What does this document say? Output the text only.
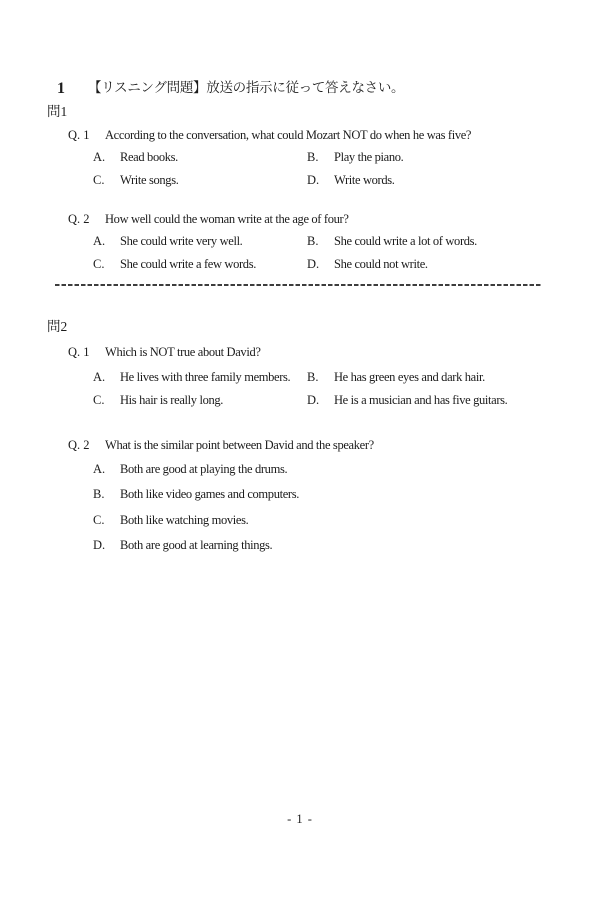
1 【リスニング問題】放送の指示に従って答えなさい。
問1
Q. 1 According to the conversation, what could Mozart NOT do when he was five?
A. Read books.	B. Play the piano.
C. Write songs.	D. Write words.
Q. 2 How well could the woman write at the age of four?
A. She could write very well.	B. She could write a lot of words.
C. She could write a few words.	D. She could not write.
問2
Q. 1 Which is NOT true about David?
A. He lives with three family members.	B. He has green eyes and dark hair.
C. His hair is really long.	D. He is a musician and has five guitars.
Q. 2 What is the similar point between David and the speaker?
A. Both are good at playing the drums.
B. Both like video games and computers.
C. Both like watching movies.
D. Both are good at learning things.
- 1 -
